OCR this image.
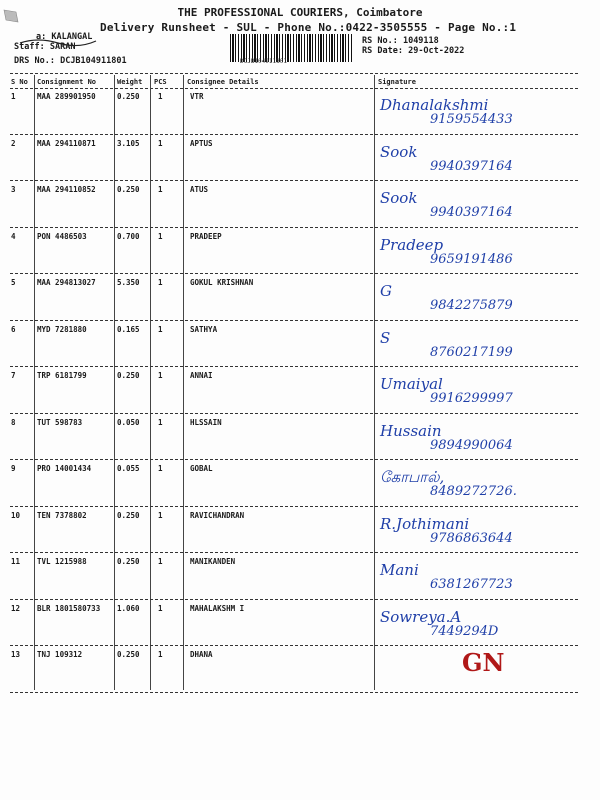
THE PROFESSIONAL COURIERS, Coimbatore
Delivery Runsheet - SUL - Phone No.:0422-3505555 - Page No.:1
a: KALANGAL
Staff: SARAN
DRS No.: DCJB104911801	DCJB104911801
RS No.: 1049118
RS Date: 29-Oct-2022
S No Consignment No	Weight PCS	Consignee Details	Signature
1	MAA 289901950	0.250 1	VTR	Dhanalakshmi
9159554433
2	MAA 294110871	3.105 1	APTUS	Sook
9940397164
3	MAA 294110852	0.250 1	ATUS	Sook
9940397164
4	PON 4486503	0.700 1	PRADEEP	Pradeep
9659191486
5	MAA 294813027	5.350 1	GOKUL KRISHNAN	G
9842275879
6	MYD 7281880	0.165 1	SATHYA	S
8760217199
7	TRP 6181799	0.250 1	ANNAI	Umaiyal
9916299997
8	TUT 598783	0.050 1	HLSSAIN	Hussain
9894990064
9	PRO 14001434	0.055 1	GOBAL	கோபால்,
8489272726.
10 TEN 7378802	0.250 1	RAVICHANDRAN	R.Jothimani
9786863644
11 TVL 1215988	0.250 1	MANIKANDEN	Mani
6381267723
12 BLR 1801580733 1.060 1	MAHALAKSHM I	Sowreya.A
7449294D
13 TNJ 109312	0.250 1	DHANA	GN
